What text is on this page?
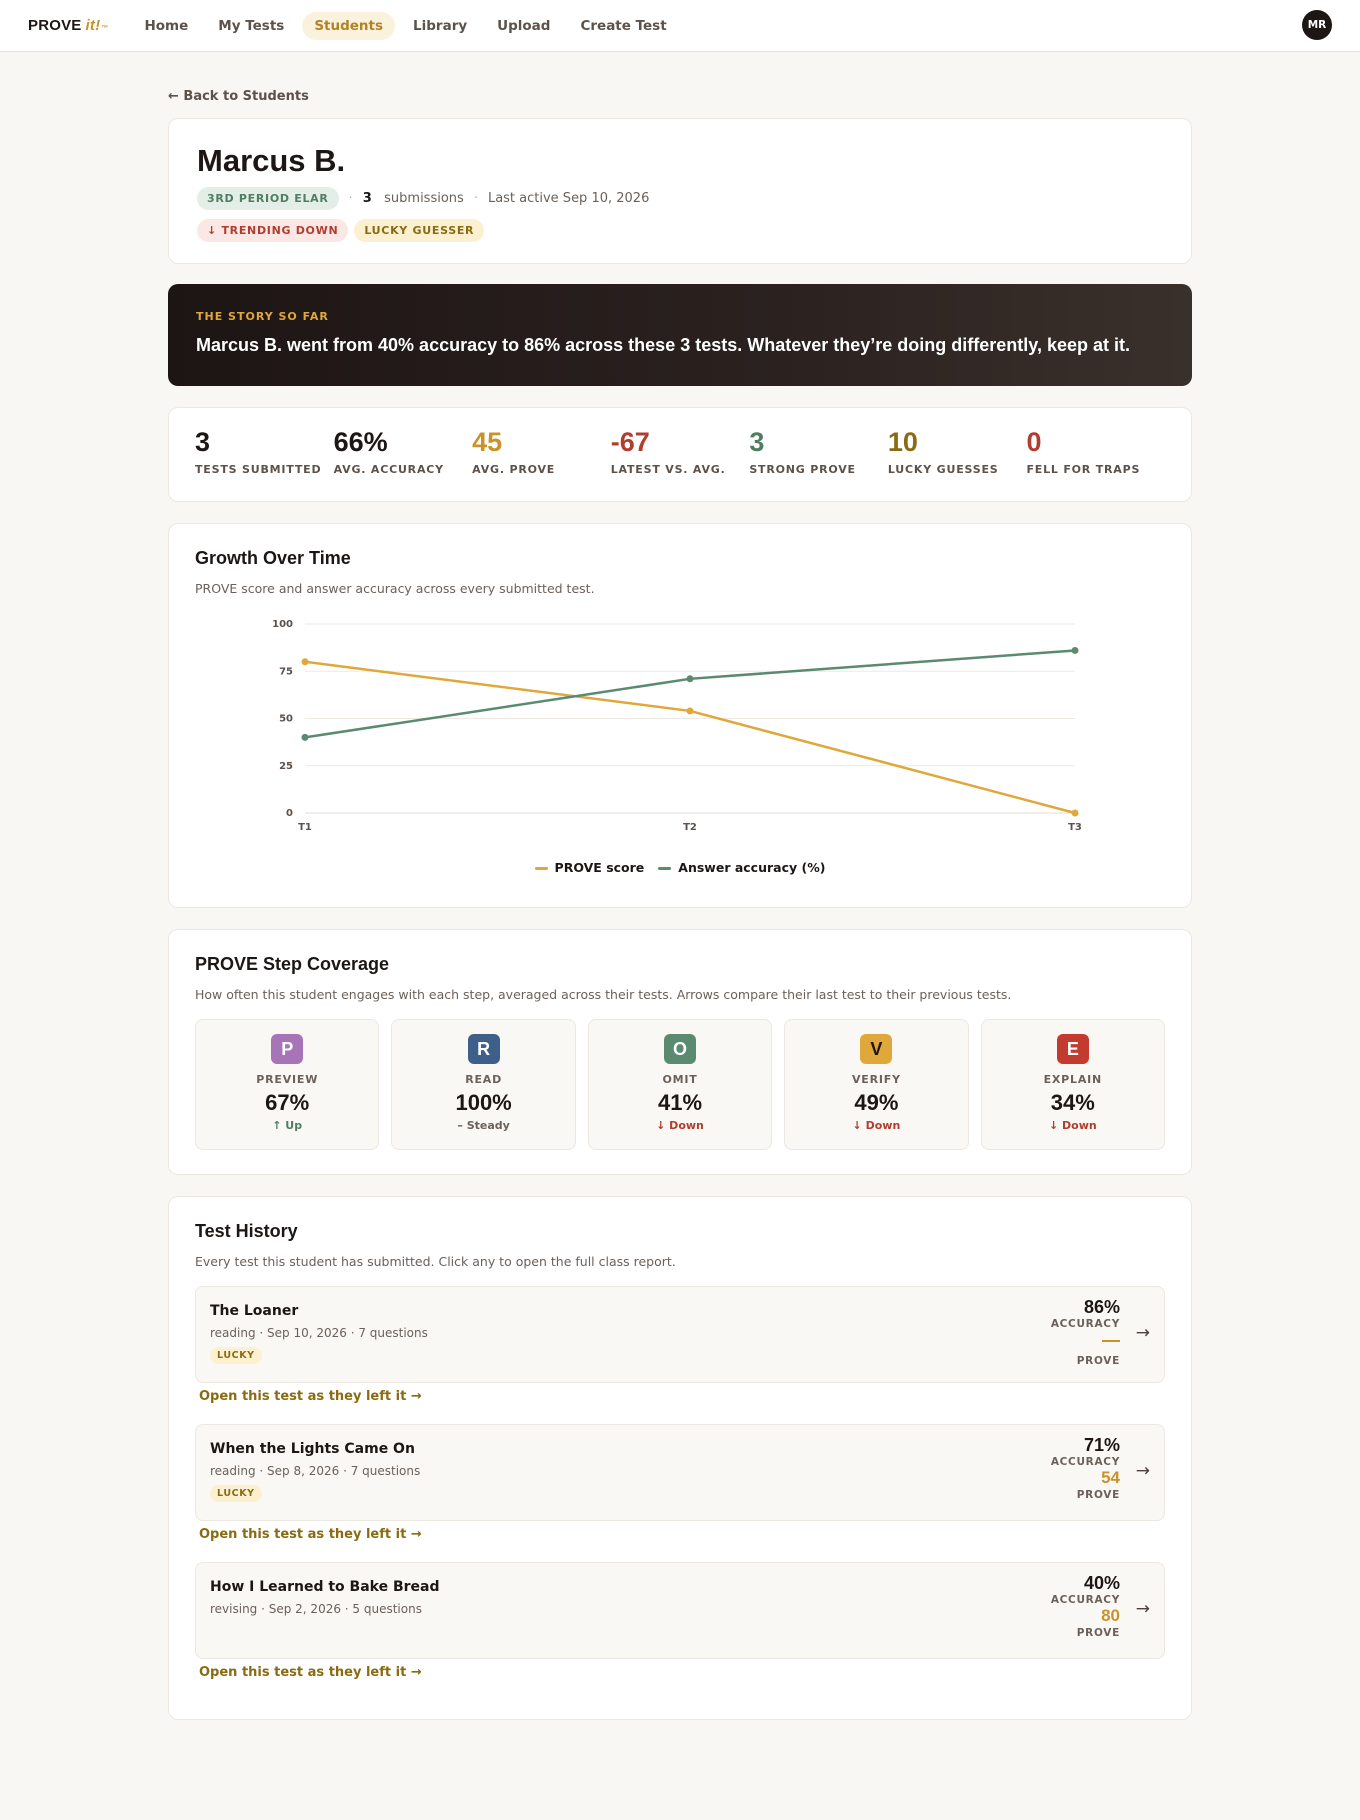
PROVE it! ™	Home	My Tests	Students	Library	Upload	Create Test	MR
← Back to Students
Marcus B.
3RD PERIOD ELAR	· 3 submissions · Last active Sep 10, 2026
↓ TRENDING DOWN	LUCKY GUESSER
THE STORY SO FAR
Marcus B. went from 40% accuracy to 86% across these 3 tests. Whatever they’re doing differently, keep at it.
3
TESTS SUBMITTED
66%
AVG. ACCURACY
45
AVG. PROVE
-67
LATEST VS. AVG.
3
STRONG PROVE
10
LUCKY GUESSES
0
FELL FOR TRAPS
Growth Over Time
PROVE score and answer accuracy across every submitted test.
0
25
50
75
100
T1	T2	T3
PROVE score	Answer accuracy (%)
PROVE Step Coverage
How often this student engages with each step, averaged across their tests. Arrows compare their last test to their previous tests.
P
PREVIEW
67%
↑ Up
R
READ
100%
– Steady
O
OMIT
41%
↓ Down
V
VERIFY
49%
↓ Down
E
EXPLAIN
34%
↓ Down
Test History
Every test this student has submitted. Click any to open the full class report.
The Loaner
reading · Sep 10, 2026 · 7 questions
LUCKY
86%
ACCURACY
PROVE
→
Open this test as they left it →
When the Lights Came On
reading · Sep 8, 2026 · 7 questions
LUCKY
71%
ACCURACY
54
PROVE
→
Open this test as they left it →
How I Learned to Bake Bread
revising · Sep 2, 2026 · 5 questions
40%
ACCURACY
80
PROVE
→
Open this test as they left it →
